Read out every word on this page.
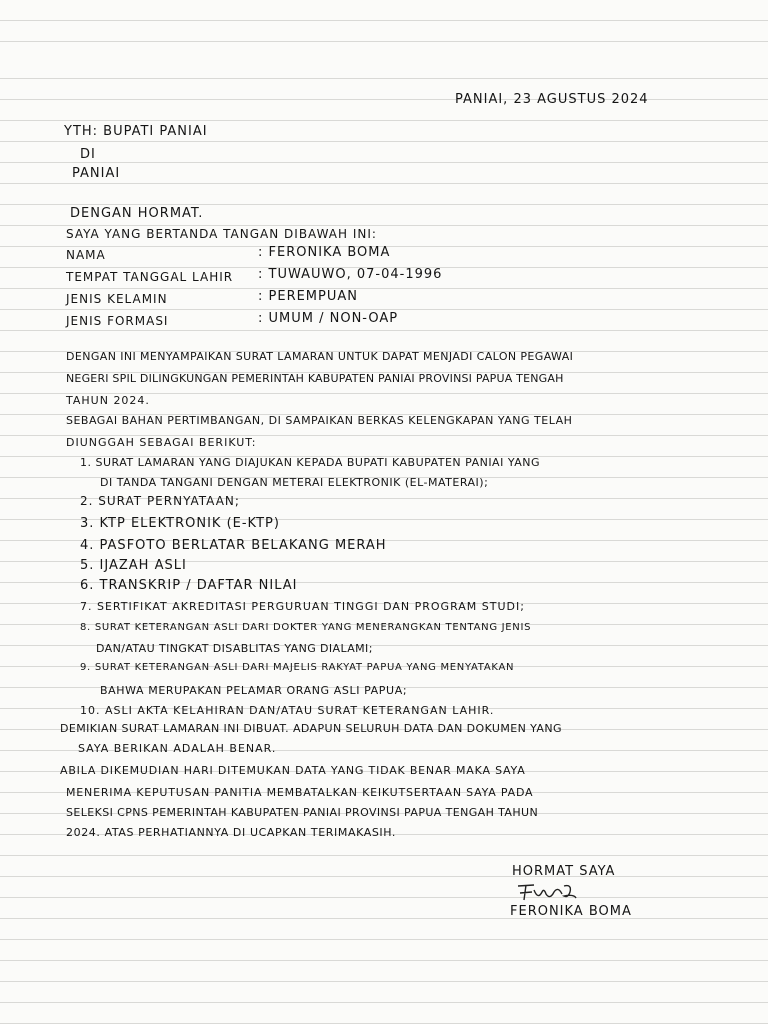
PANIAI, 23 AGUSTUS 2024
YTH: BUPATI PANIAI
DI
PANIAI
DENGAN HORMAT.
SAYA YANG BERTANDA TANGAN DIBAWAH INI:
NAMA	: FERONIKA BOMA
TEMPAT TANGGAL LAHIR : TUWAUWO, 07-04-1996
JENIS KELAMIN	: PEREMPUAN
JENIS FORMASI	: UMUM / NON-OAP
DENGAN INI MENYAMPAIKAN SURAT LAMARAN UNTUK DAPAT MENJADI CALON PEGAWAI
NEGERI SPIL DILINGKUNGAN PEMERINTAH KABUPATEN PANIAI PROVINSI PAPUA TENGAH
TAHUN 2024.
SEBAGAI BAHAN PERTIMBANGAN, DI SAMPAIKAN BERKAS KELENGKAPAN YANG TELAH
DIUNGGAH SEBAGAI BERIKUT:
1. SURAT LAMARAN YANG DIAJUKAN KEPADA BUPATI KABUPATEN PANIAI YANG
DI TANDA TANGANI DENGAN METERAI ELEKTRONIK (EL-MATERAI);
2. SURAT PERNYATAAN;
3. KTP ELEKTRONIK (E-KTP)
4. PASFOTO BERLATAR BELAKANG MERAH
5. IJAZAH ASLI
6. TRANSKRIP / DAFTAR NILAI
7. SERTIFIKAT AKREDITASI PERGURUAN TINGGI DAN PROGRAM STUDI;
8. SURAT KETERANGAN ASLI DARI DOKTER YANG MENERANGKAN TENTANG JENIS
DAN/ATAU TINGKAT DISABLITAS YANG DIALAMI;
9. SURAT KETERANGAN ASLI DARI MAJELIS RAKYAT PAPUA YANG MENYATAKAN
BAHWA MERUPAKAN PELAMAR ORANG ASLI PAPUA;
10. ASLI AKTA KELAHIRAN DAN/ATAU SURAT KETERANGAN LAHIR.
DEMIKIAN SURAT LAMARAN INI DIBUAT. ADAPUN SELURUH DATA DAN DOKUMEN YANG
SAYA BERIKAN ADALAH BENAR.
ABILA DIKEMUDIAN HARI DITEMUKAN DATA YANG TIDAK BENAR MAKA SAYA
MENERIMA KEPUTUSAN PANITIA MEMBATALKAN KEIKUTSERTAAN SAYA PADA
SELEKSI CPNS PEMERINTAH KABUPATEN PANIAI PROVINSI PAPUA TENGAH TAHUN
2024. ATAS PERHATIANNYA DI UCAPKAN TERIMAKASIH.
HORMAT SAYA
FERONIKA BOMA
